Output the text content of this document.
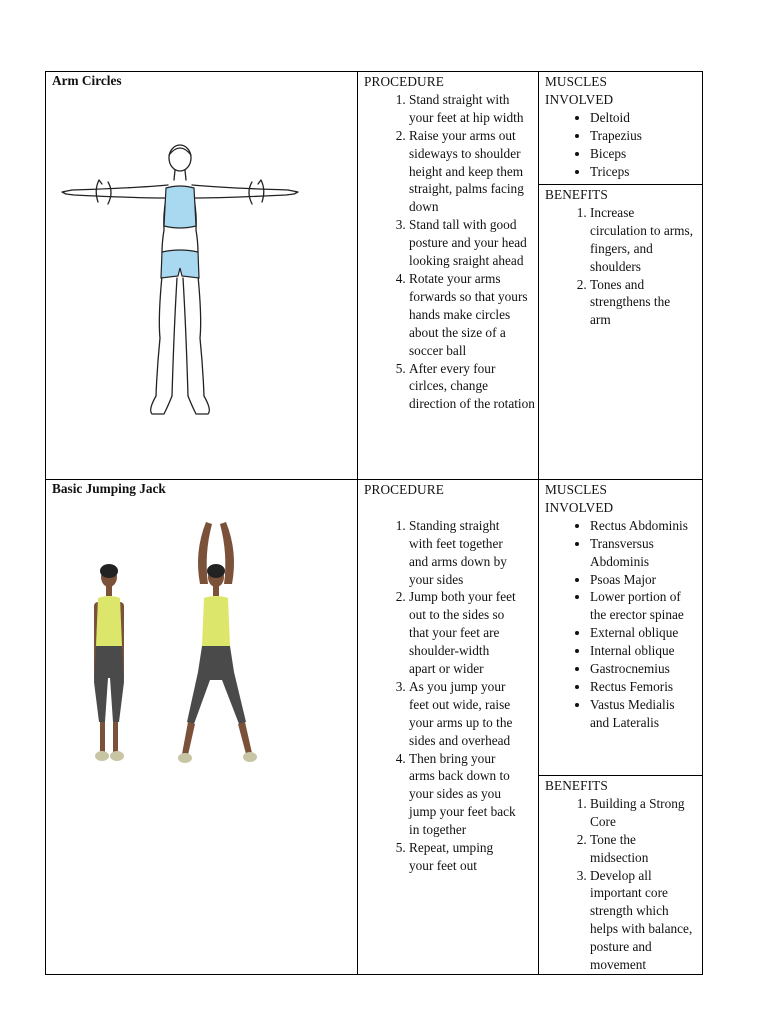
Arm Circles	PROCEDURE
1. Stand straight with your feet at hip width
2. Raise your arms out sideways to shoulder height and keep them straight, palms facing down
3. Stand tall with good posture and your head looking sraight ahead
4. Rotate your arms forwards so that yours hands make circles about the size of a soccer ball
5. After every four cirlces, change direction of the rotation
MUSCLES INVOLVED
• Deltoid
• Trapezius
• Biceps
• Triceps
BENEFITS
1. Increase circulation to arms, fingers, and shoulders
2. Tones and strengthens the arm
Basic Jumping Jack	PROCEDURE
1. Standing straight with feet together and arms down by your sides
2. Jump both your feet out to the sides so that your feet are shoulder-width apart or wider
3. As you jump your feet out wide, raise your arms up to the sides and overhead
4. Then bring your arms back down to your sides as you jump your feet back in together
5. Repeat, umping your feet out
MUSCLES INVOLVED
• Rectus Abdominis
• Transversus Abdominis
• Psoas Major
• Lower portion of the erector spinae
• External oblique
• Internal oblique
• Gastrocnemius
• Rectus Femoris
• Vastus Medialis and Lateralis
BENEFITS
1. Building a Strong Core
2. Tone the midsection
3. Develop all important core strength which helps with balance, posture and movement
